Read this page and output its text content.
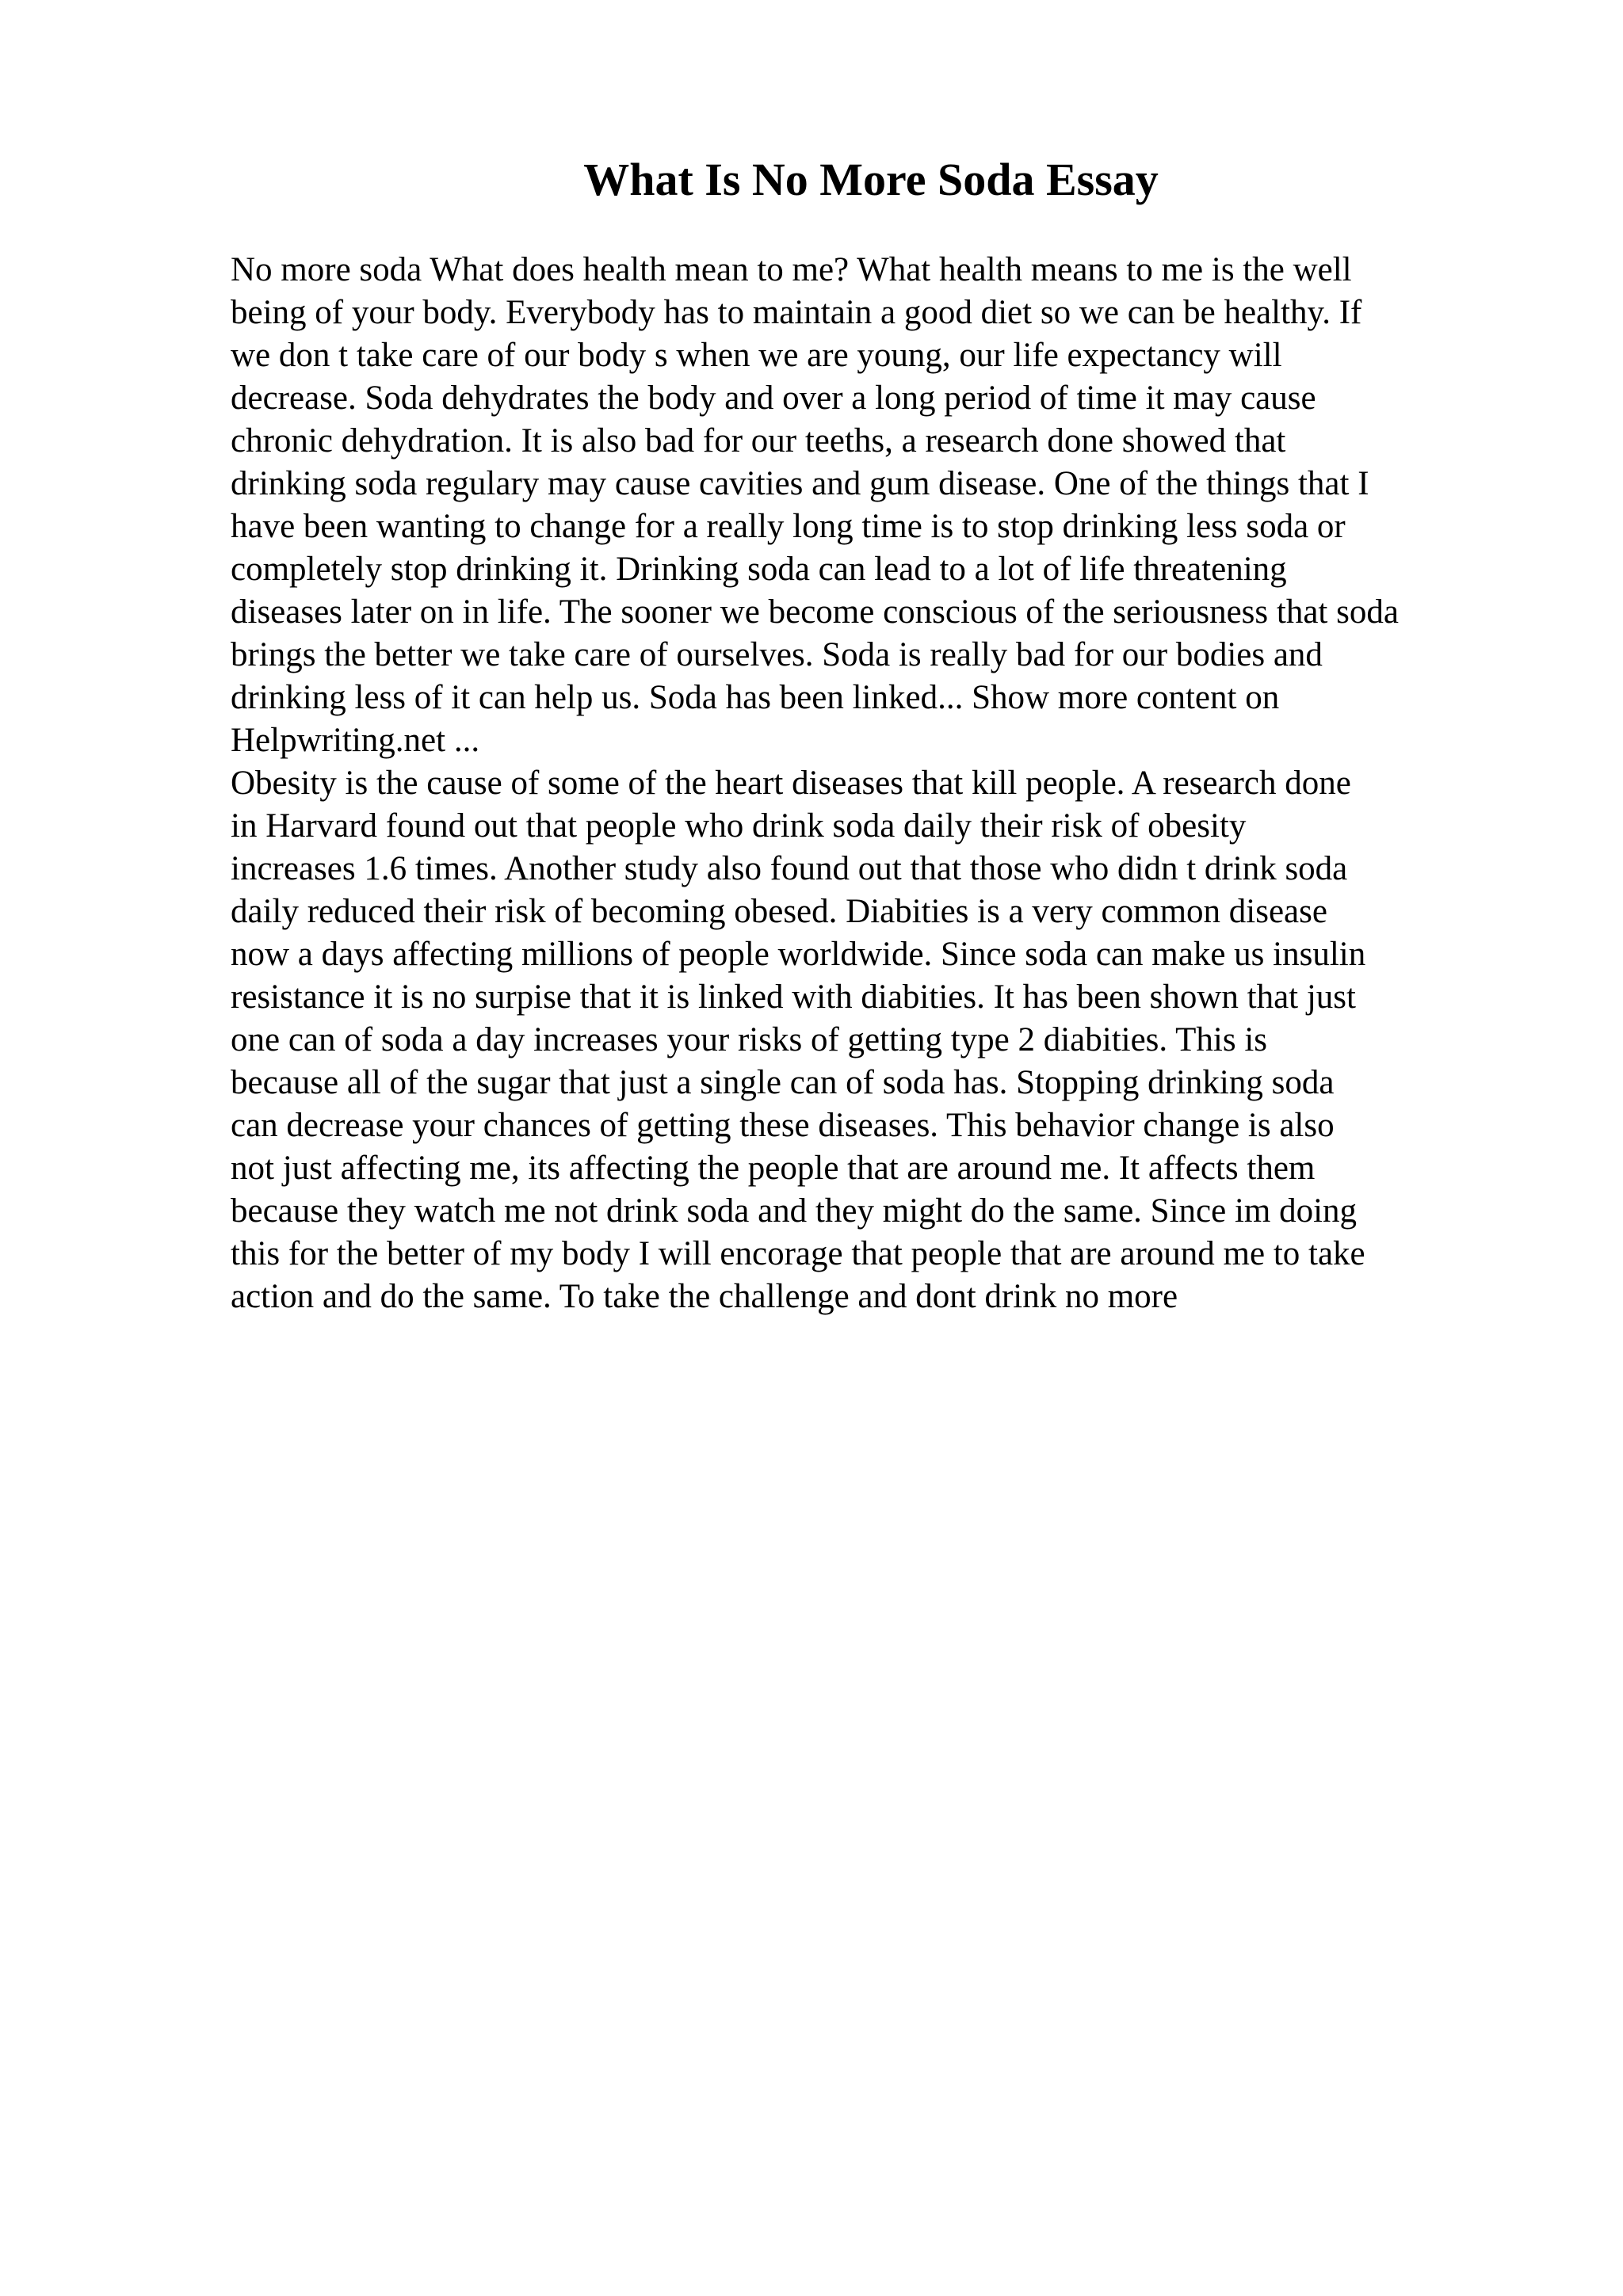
What Is No More Soda Essay
No more soda What does health mean to me? What health means to me is the well
being of your body. Everybody has to maintain a good diet so we can be healthy. If
we don t take care of our body s when we are young, our life expectancy will
decrease. Soda dehydrates the body and over a long period of time it may cause
chronic dehydration. It is also bad for our teeths, a research done showed that
drinking soda regulary may cause cavities and gum disease. One of the things that I
have been wanting to change for a really long time is to stop drinking less soda or
completely stop drinking it. Drinking soda can lead to a lot of life threatening
diseases later on in life. The sooner we become conscious of the seriousness that soda
brings the better we take care of ourselves. Soda is really bad for our bodies and
drinking less of it can help us. Soda has been linked... Show more content on
Helpwriting.net ...
Obesity is the cause of some of the heart diseases that kill people. A research done
in Harvard found out that people who drink soda daily their risk of obesity
increases 1.6 times. Another study also found out that those who didn t drink soda
daily reduced their risk of becoming obesed. Diabities is a very common disease
now a days affecting millions of people worldwide. Since soda can make us insulin
resistance it is no surpise that it is linked with diabities. It has been shown that just
one can of soda a day increases your risks of getting type 2 diabities. This is
because all of the sugar that just a single can of soda has. Stopping drinking soda
can decrease your chances of getting these diseases. This behavior change is also
not just affecting me, its affecting the people that are around me. It affects them
because they watch me not drink soda and they might do the same. Since im doing
this for the better of my body I will encorage that people that are around me to take
action and do the same. To take the challenge and dont drink no more
